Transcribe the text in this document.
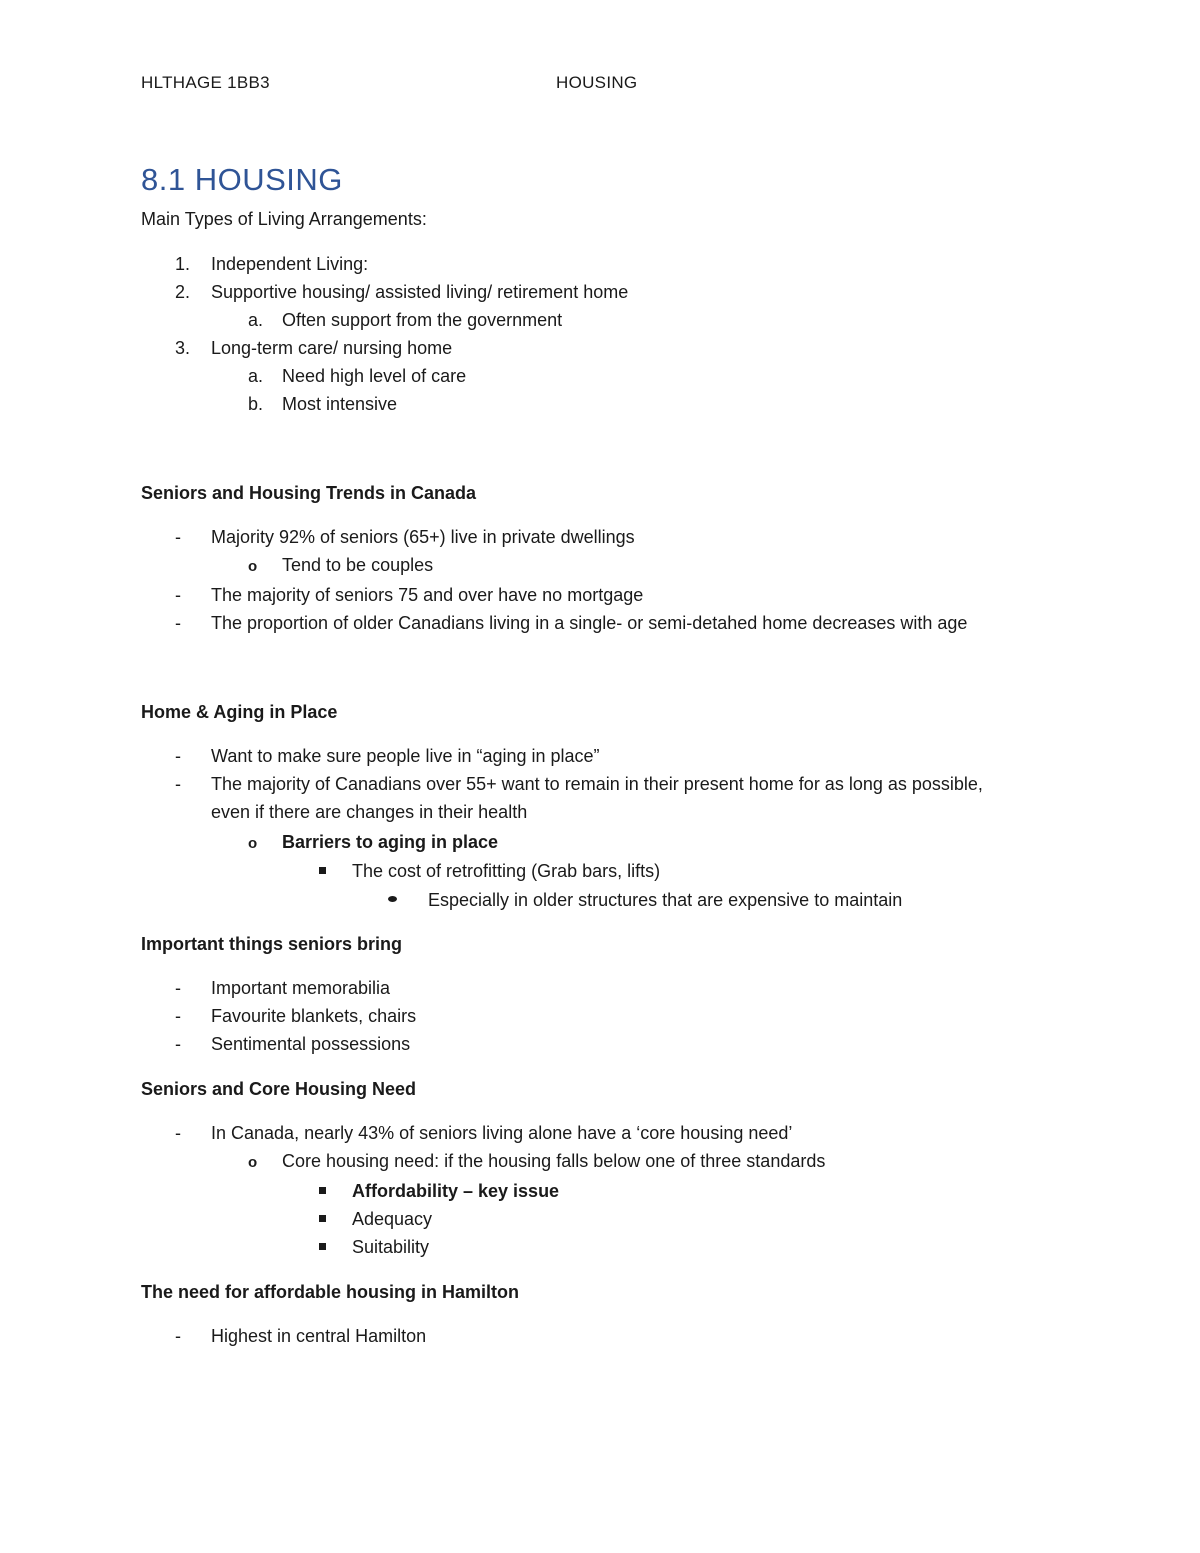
HLTHAGE 1BB3	HOUSING
8.1 HOUSING
Main Types of Living Arrangements:
1. Independent Living:
2. Supportive housing/ assisted living/ retirement home
a. Often support from the government
3. Long-term care/ nursing home
a. Need high level of care
b. Most intensive
Seniors and Housing Trends in Canada
- Majority 92% of seniors (65+) live in private dwellings
o Tend to be couples
- The majority of seniors 75 and over have no mortgage
- The proportion of older Canadians living in a single- or semi-detahed home decreases with age
Home & Aging in Place
- Want to make sure people live in “aging in place”
- The majority of Canadians over 55+ want to remain in their present home for as long as possible,
even if there are changes in their health
o Barriers to aging in place
The cost of retrofitting (Grab bars, lifts)
Especially in older structures that are expensive to maintain
Important things seniors bring
- Important memorabilia
- Favourite blankets, chairs
- Sentimental possessions
Seniors and Core Housing Need
- In Canada, nearly 43% of seniors living alone have a ‘core housing need’
o Core housing need: if the housing falls below one of three standards
Affordability – key issue
Adequacy
Suitability
The need for affordable housing in Hamilton
- Highest in central Hamilton
